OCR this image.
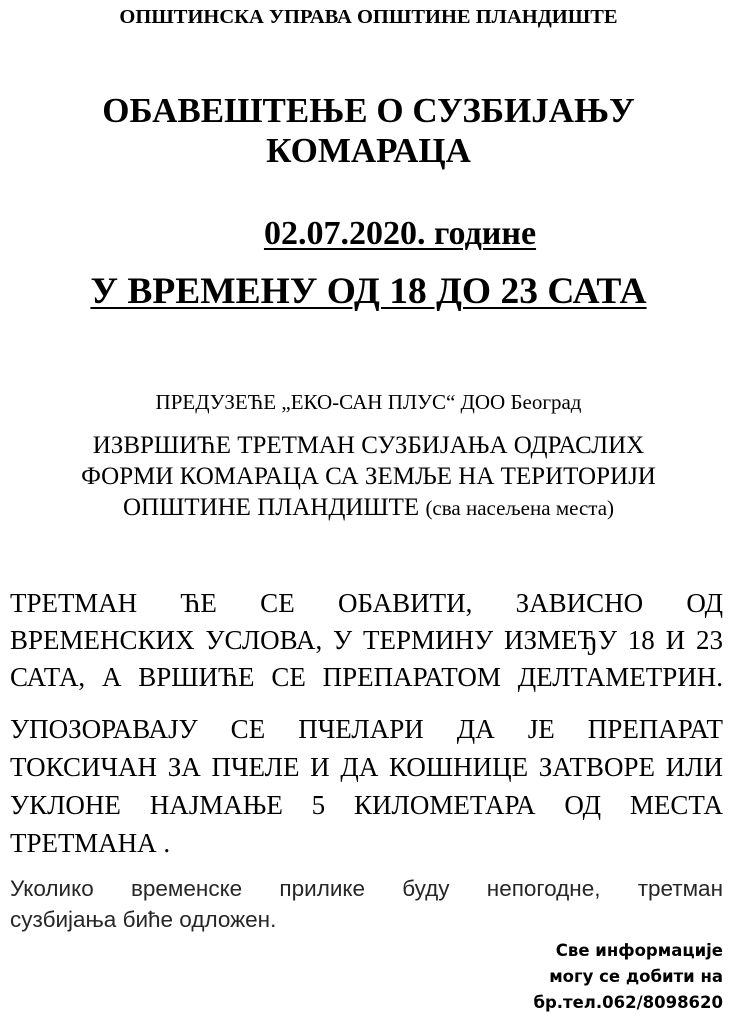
ОПШТИНСКА УПРАВА ОПШТИНЕ ПЛАНДИШТЕ
ОБАВЕШТЕЊЕ О СУЗБИЈАЊУ
КОМАРАЦА
02.07.2020. године
У ВРЕМЕНУ ОД 18 ДО 23 САТА
ПРЕДУЗЕЋЕ „ЕКО-САН ПЛУС“ ДОО Београд
ИЗВРШИЋЕ ТРЕТМАН СУЗБИЈАЊА ОДРАСЛИХ
ФОРМИ КОМАРАЦА СА ЗЕМЉЕ НА ТЕРИТОРИЈИ
ОПШТИНЕ ПЛАНДИШТЕ (сва насељена места)
ТРЕТМАН ЋЕ СЕ ОБАВИТИ, ЗАВИСНО ОД
ВРЕМЕНСКИХ УСЛОВА, У ТЕРМИНУ ИЗМЕЂУ 18 И 23
САТА, А ВРШИЋЕ СЕ ПРЕПАРАТОМ ДЕЛТАМЕТРИН.
УПОЗОРАВАЈУ СЕ ПЧЕЛАРИ ДА ЈЕ ПРЕПАРАТ
ТОКСИЧАН ЗА ПЧЕЛЕ И ДА КОШНИЦЕ ЗАТВОРЕ ИЛИ
УКЛОНЕ НАЈМАЊЕ 5 КИЛОМЕТАРА ОД МЕСТА
ТРЕТМАНА .
Уколико временске прилике буду непогодне, третман
сузбијања биће одложен.
Све информације
могу се добити на
бр.тел.062/8098620
